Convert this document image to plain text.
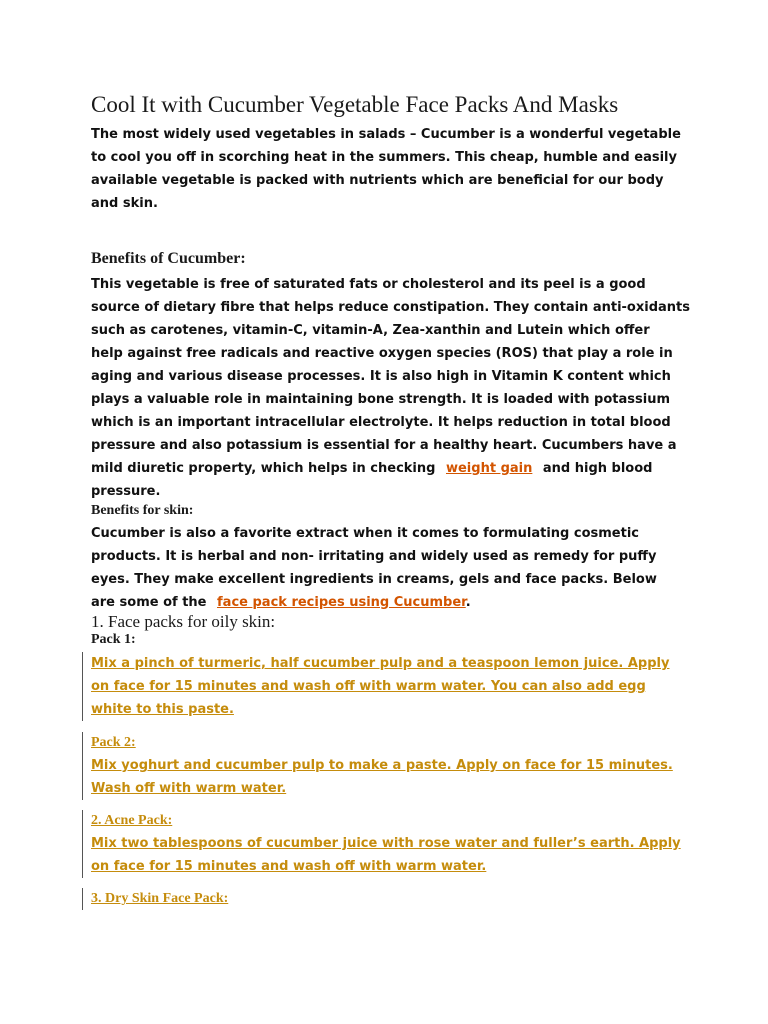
Cool It with Cucumber Vegetable Face Packs And Masks

The most widely used vegetables in salads – Cucumber is a wonderful vegetable

to cool you off in scorching heat in the summers. This cheap, humble and easily

available vegetable is packed with nutrients which are beneficial for our body

and skin.

Benefits of Cucumber:

This vegetable is free of saturated fats or cholesterol and its peel is a good

source of dietary fibre that helps reduce constipation. They contain anti-oxidants

such as carotenes, vitamin-C, vitamin-A, Zea-xanthin and Lutein which offer

help against free radicals and reactive oxygen species (ROS) that play a role in

aging and various disease processes. It is also high in Vitamin K content which

plays a valuable role in maintaining bone strength. It is loaded with potassium

which is an important intracellular electrolyte. It helps reduction in total blood

pressure and also potassium is essential for a healthy heart. Cucumbers have a

mild diuretic property, which helps in checking weight gain and high blood

pressure.

Benefits for skin:

Cucumber is also a favorite extract when it comes to formulating cosmetic

products. It is herbal and non- irritating and widely used as remedy for puffy

eyes. They make excellent ingredients in creams, gels and face packs. Below

are some of the face pack recipes using Cucumber.

1. Face packs for oily skin:
Pack 1:

Mix a pinch of turmeric, half cucumber pulp and a teaspoon lemon juice. Apply

on face for 15 minutes and wash off with warm water. You can also add egg

white to this paste.

Pack 2:

Mix yoghurt and cucumber pulp to make a paste. Apply on face for 15 minutes.

Wash off with warm water.

2. Acne Pack:

Mix two tablespoons of cucumber juice with rose water and fuller’s earth. Apply

on face for 15 minutes and wash off with warm water.

3. Dry Skin Face Pack:
